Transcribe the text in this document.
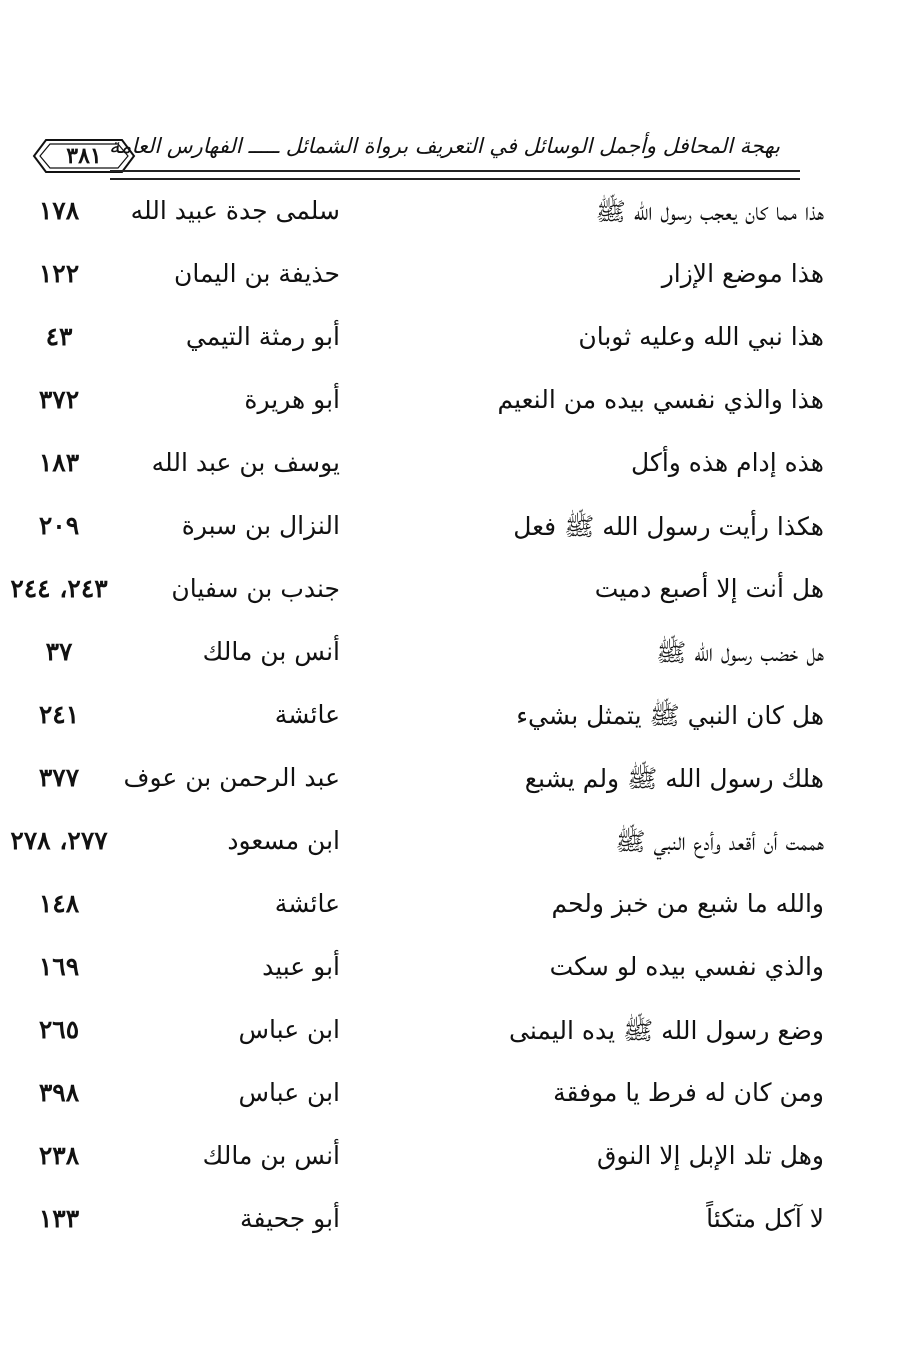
بهجة المحافل وأجمل الوسائل في التعريف برواة الشمائل ـــــ الفهارس العامة
٣٨١
هذا مما كان يعجب رسول الله ﷺ
سلمى جدة عبيد الله
١٧٨
هذا موضع الإزار
حذيفة بن اليمان
١٢٢
هذا نبي الله وعليه ثوبان
أبو رمثة التيمي
٤٣
هذا والذي نفسي بيده من النعيم
أبو هريرة
٣٧٢
هذه إدام هذه وأكل
يوسف بن عبد الله
١٨٣
هكذا رأيت رسول الله ﷺ فعل
النزال بن سبرة
٢٠٩
هل أنت إلا أصبع دميت
جندب بن سفيان
٢٤٣، ٢٤٤
هل خضب رسول الله ﷺ
أنس بن مالك
٣٧
هل كان النبي ﷺ يتمثل بشيء
عائشة
٢٤١
هلك رسول الله ﷺ ولم يشبع
عبد الرحمن بن عوف
٣٧٧
هممت أن أقعد وأدع النبي ﷺ
ابن مسعود
٢٧٧، ٢٧٨
والله ما شبع من خبز ولحم
عائشة
١٤٨
والذي نفسي بيده لو سكت
أبو عبيد
١٦٩
وضع رسول الله ﷺ يده اليمنى
ابن عباس
٢٦٥
ومن كان له فرط يا موفقة
ابن عباس
٣٩٨
وهل تلد الإبل إلا النوق
أنس بن مالك
٢٣٨
لا آكل متكئاً
أبو جحيفة
١٣٣
